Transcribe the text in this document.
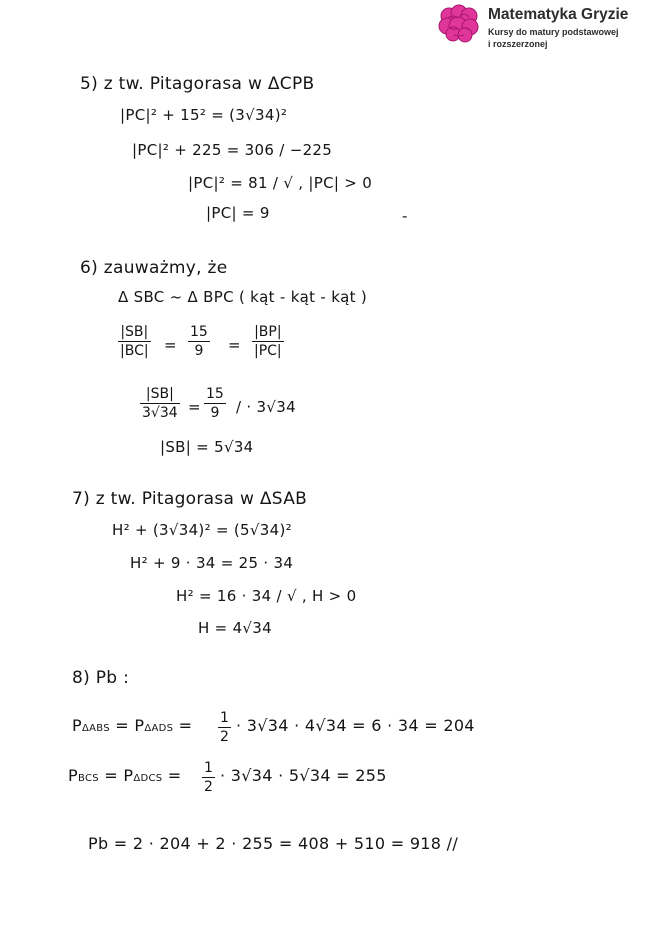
Matematyka Gryzie
Kursy do matury podstawowej
i rozszerzonej
5) z tw. Pitagorasa w ΔCPB
|PC|² + 15² = (3√34)²
|PC|² + 225 = 306 / −225
|PC|² = 81 / √ , |PC| > 0
|PC| = 9	-
6) zauważmy, że
Δ SBC ~ Δ BPC ( kąt - kąt - kąt )
|SB|
|BC| =
15
9 =
|BP|
|PC|
|SB|
3√34 =
15
9 / · 3√34
|SB| = 5√34
7) z tw. Pitagorasa w ΔSAB
H² + (3√34)² = (5√34)²
H² + 9 · 34 = 25 · 34
H² = 16 · 34 / √ , H > 0
H = 4√34
8) Pb :
PΔABS = PΔADS = 1
2
· 3√34 · 4√34 = 6 · 34 = 204
PBCS = PΔDCS = 1
2
· 3√34 · 5√34 = 255
Pb = 2 · 204 + 2 · 255 = 408 + 510 = 918 //
